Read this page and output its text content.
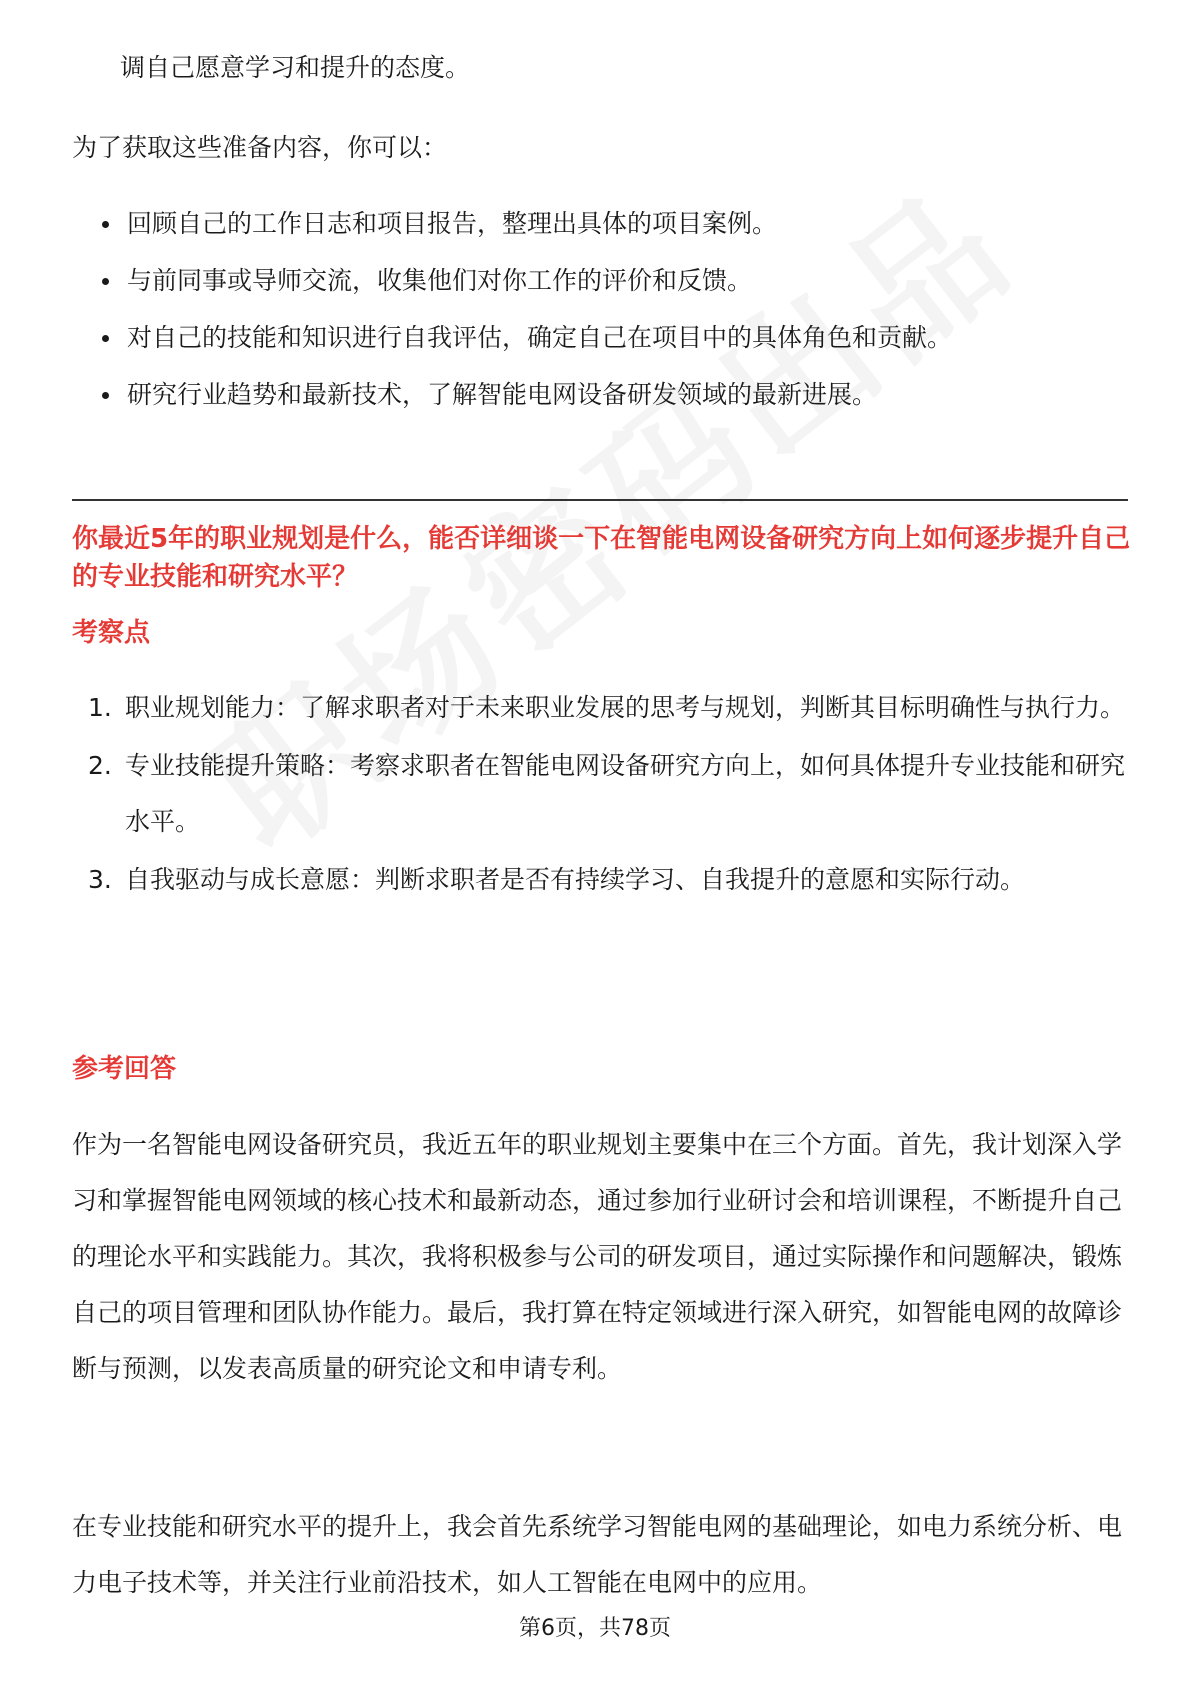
调自己愿意学习和提升的态度。

为了获取这些准备内容，你可以：

回顾自己的工作日志和项目报告，整理出具体的项目案例。
与前同事或导师交流，收集他们对你工作的评价和反馈。
对自己的技能和知识进行自我评估，确定自己在项目中的具体角色和贡献。
研究行业趋势和最新技术，了解智能电网设备研发领域的最新进展。

你最近5年的职业规划是什么，能否详细谈一下在智能电网设备研究方向上如何逐步提升自己的专业技能和研究水平？

考察点

1. 职业规划能力：了解求职者对于未来职业发展的思考与规划，判断其目标明确性与执行力。
2. 专业技能提升策略：考察求职者在智能电网设备研究方向上，如何具体提升专业技能和研究水平。
3. 自我驱动与成长意愿：判断求职者是否有持续学习、自我提升的意愿和实际行动。

参考回答

作为一名智能电网设备研究员，我近五年的职业规划主要集中在三个方面。首先，我计划深入学习和掌握智能电网领域的核心技术和最新动态，通过参加行业研讨会和培训课程，不断提升自己的理论水平和实践能力。其次，我将积极参与公司的研发项目，通过实际操作和问题解决，锻炼自己的项目管理和团队协作能力。最后，我打算在特定领域进行深入研究，如智能电网的故障诊断与预测，以发表高质量的研究论文和申请专利。

在专业技能和研究水平的提升上，我会首先系统学习智能电网的基础理论，如电力系统分析、电力电子技术等，并关注行业前沿技术，如人工智能在电网中的应用。

第6页，共78页
